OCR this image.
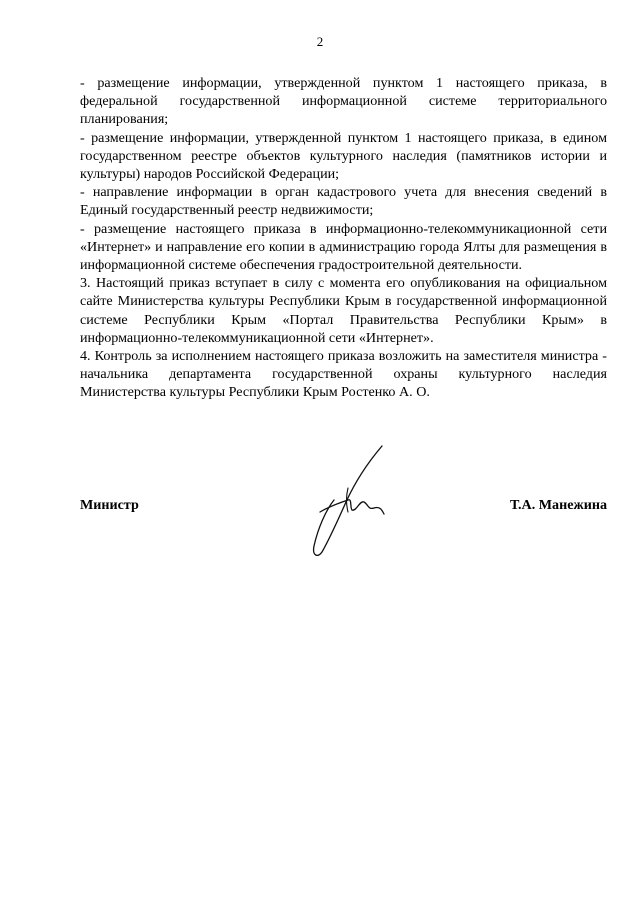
2

- размещение информации, утвержденной пунктом 1 настоящего приказа, в федеральной государственной информационной системе территориального планирования;

- размещение информации, утвержденной пунктом 1 настоящего приказа, в едином государственном реестре объектов культурного наследия (памятников истории и культуры) народов Российской Федерации;

- направление информации в орган кадастрового учета для внесения сведений в Единый государственный реестр недвижимости;

- размещение настоящего приказа в информационно-телекоммуникационной сети «Интернет» и направление его копии в администрацию города Ялты для размещения в информационной системе обеспечения градостроительной деятельности.

3. Настоящий приказ вступает в силу с момента его опубликования на официальном сайте Министерства культуры Республики Крым в государственной информационной системе Республики Крым «Портал Правительства Республики Крым» в информационно-телекоммуникационной сети «Интернет».

4. Контроль за исполнением настоящего приказа возложить на заместителя министра - начальника департамента государственной охраны культурного наследия Министерства культуры Республики Крым Ростенко А. О.

Министр	Т.А. Манежина
